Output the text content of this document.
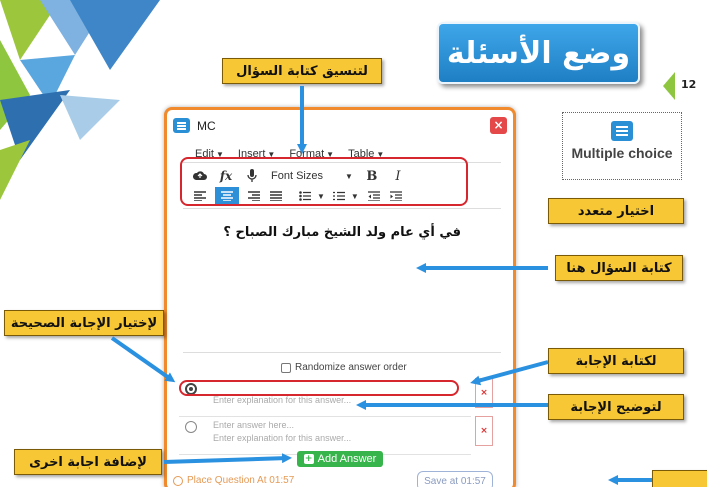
وضع الأسئلة
12
Multiple choice
MC	×
Edit ▼ Insert ▼ Format ▼ Table ▼
fx	Font Sizes	▼ B	I
▼	▼
في أي عام ولد الشيخ مبارك الصباح ؟
Randomize answer order
Enter explanation for this answer...
×
Enter answer here...
Enter explanation for this answer...
×
+ Add Answer
Place Question At 01:57	Save at 01:57
لتنسيق كتابة السؤال
اختيار متعدد
كتابة السؤال هنا
لإختيار الإجابة الصحيحة
لكتابة الإجابة
لتوضيح الإجابة
لإضافة اجابة اخرى
